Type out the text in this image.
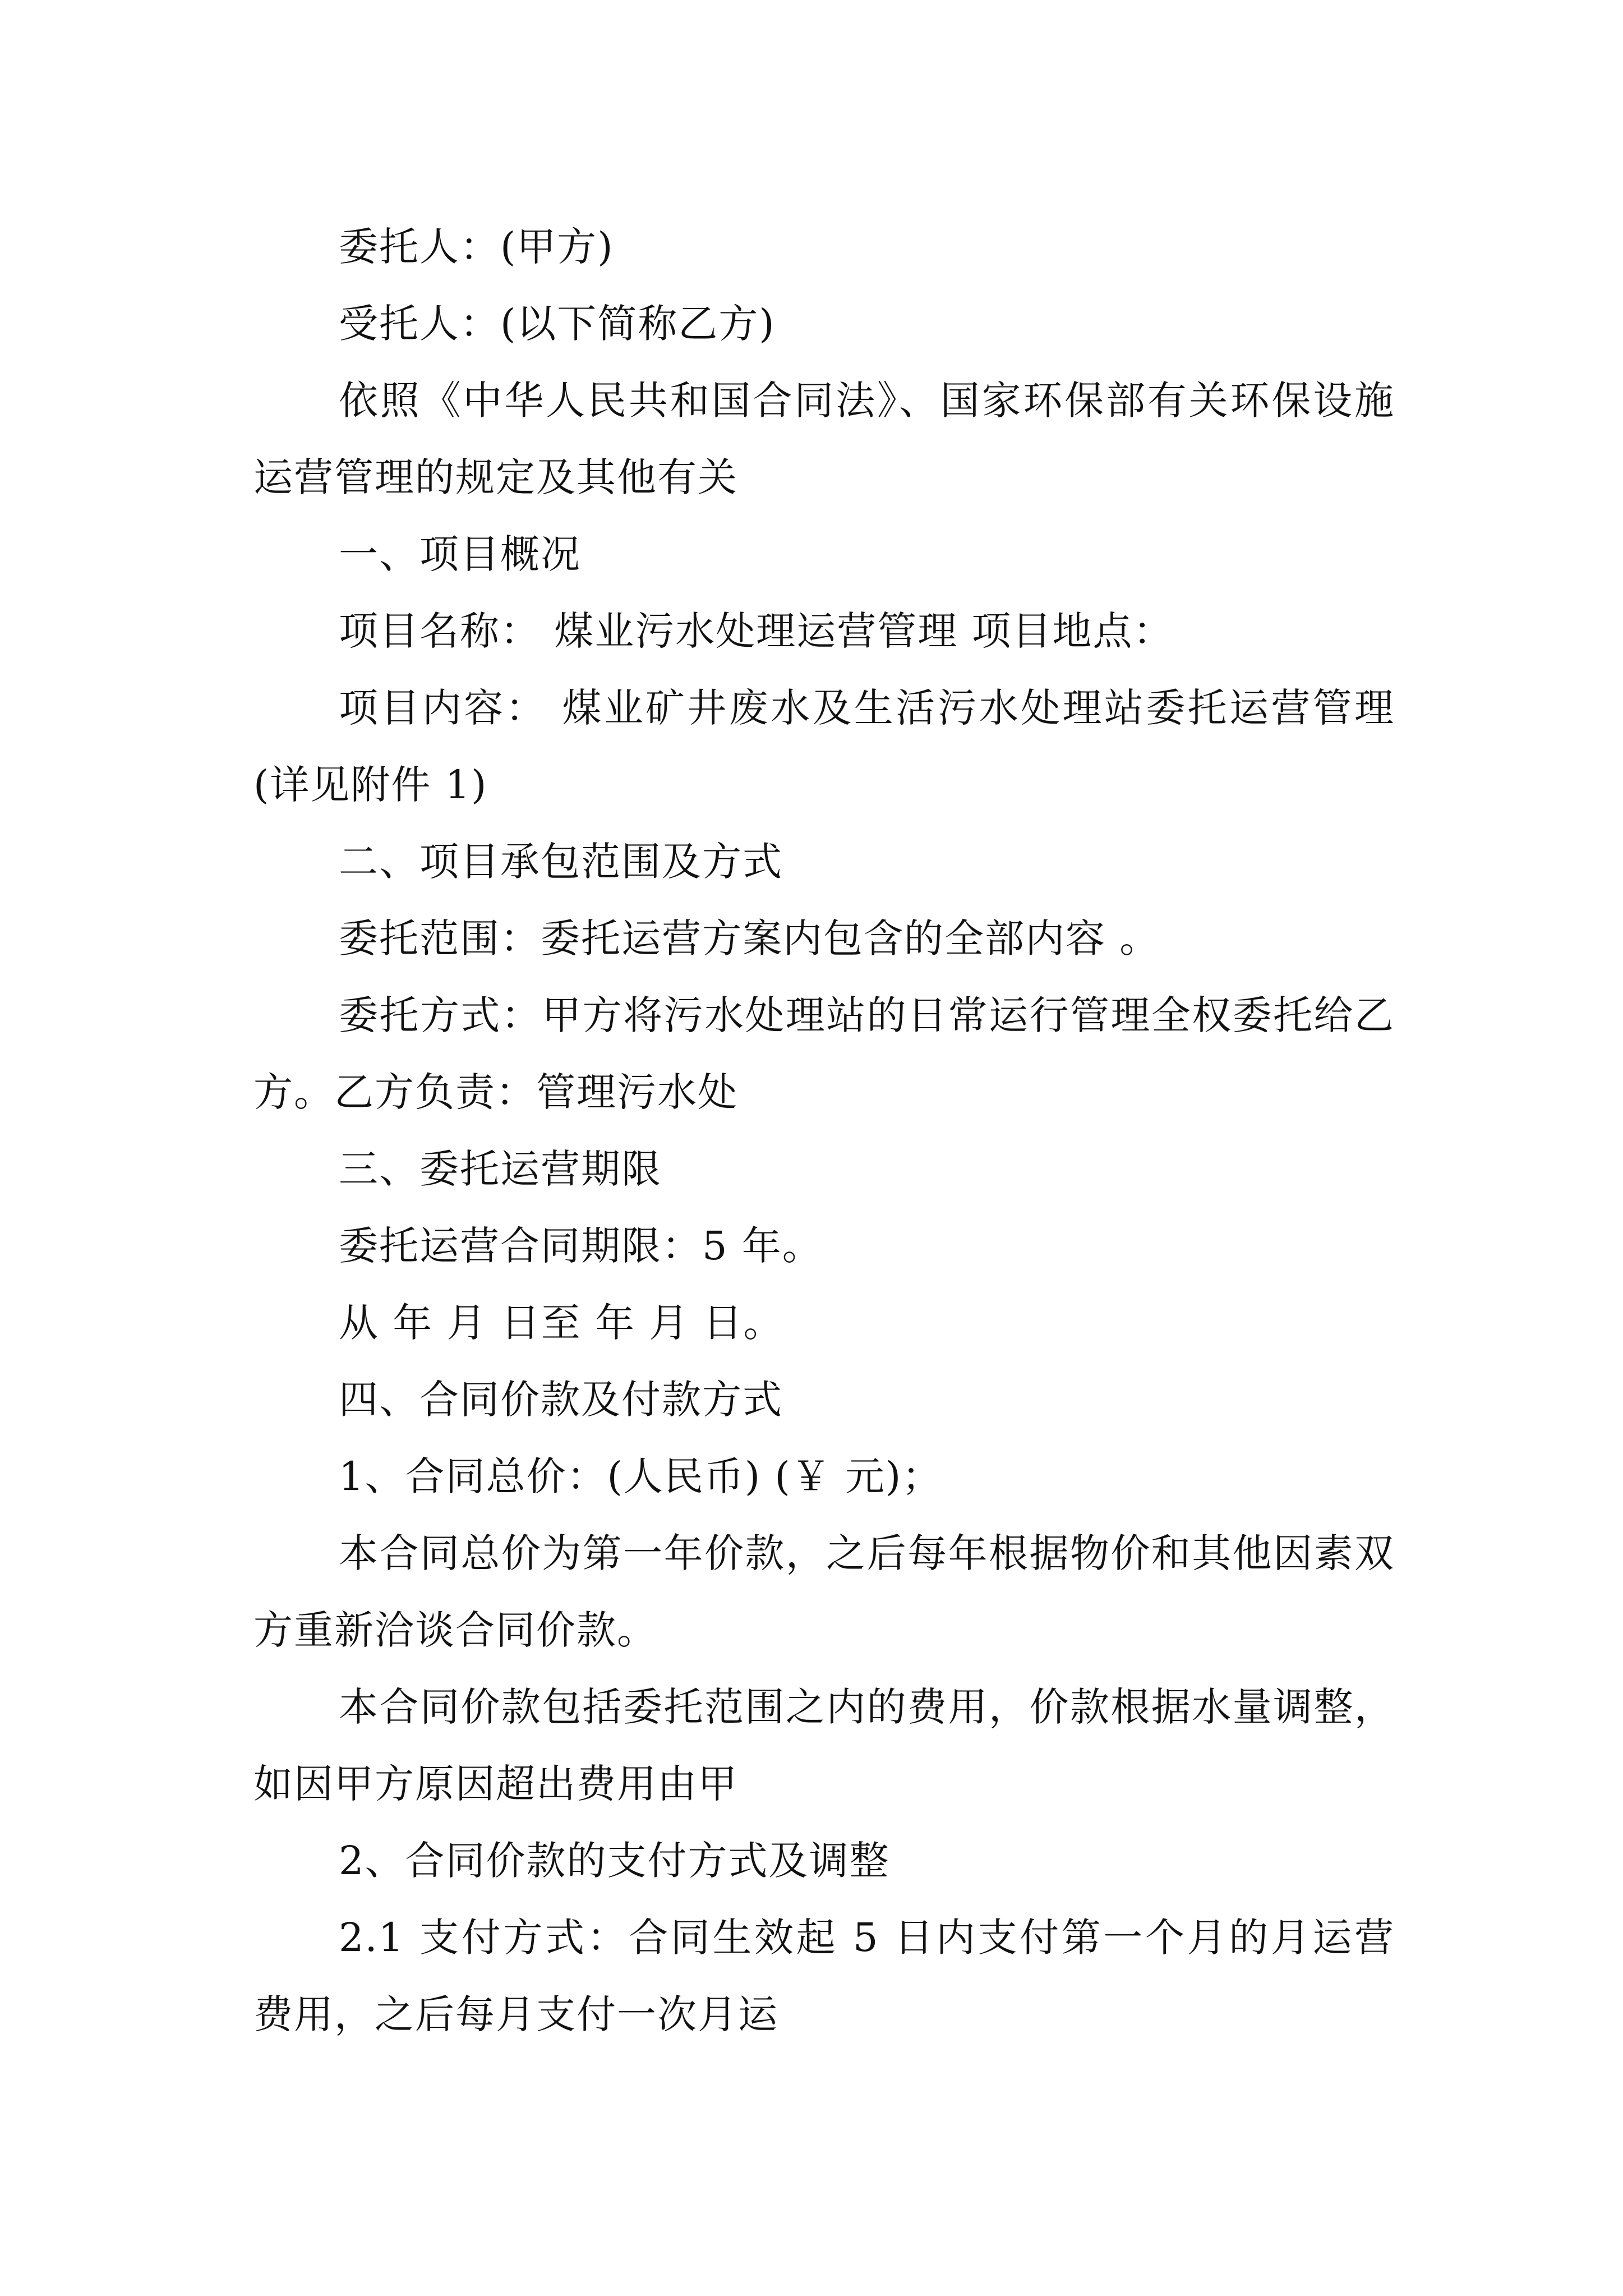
委托人：(甲方)

受托人：(以下简称乙方)

依照《中华人民共和国合同法》、国家环保部有关环保设施运营管理的规定及其他有关

一、项目概况

项目名称： 煤业污水处理运营管理 项目地点：

项目内容： 煤业矿井废水及生活污水处理站委托运营管理(详见附件 1)

二、项目承包范围及方式

委托范围：委托运营方案内包含的全部内容 。

委托方式：甲方将污水处理站的日常运行管理全权委托给乙方。乙方负责：管理污水处

三、委托运营期限

委托运营合同期限：5 年。

从 年 月 日至 年 月 日。

四、合同价款及付款方式

1、合同总价：(人民币) (￥ 元)；

本合同总价为第一年价款，之后每年根据物价和其他因素双方重新洽谈合同价款。

本合同价款包括委托范围之内的费用，价款根据水量调整，如因甲方原因超出费用由甲

2、合同价款的支付方式及调整

2.1 支付方式：合同生效起 5 日内支付第一个月的月运营费用，之后每月支付一次月运
